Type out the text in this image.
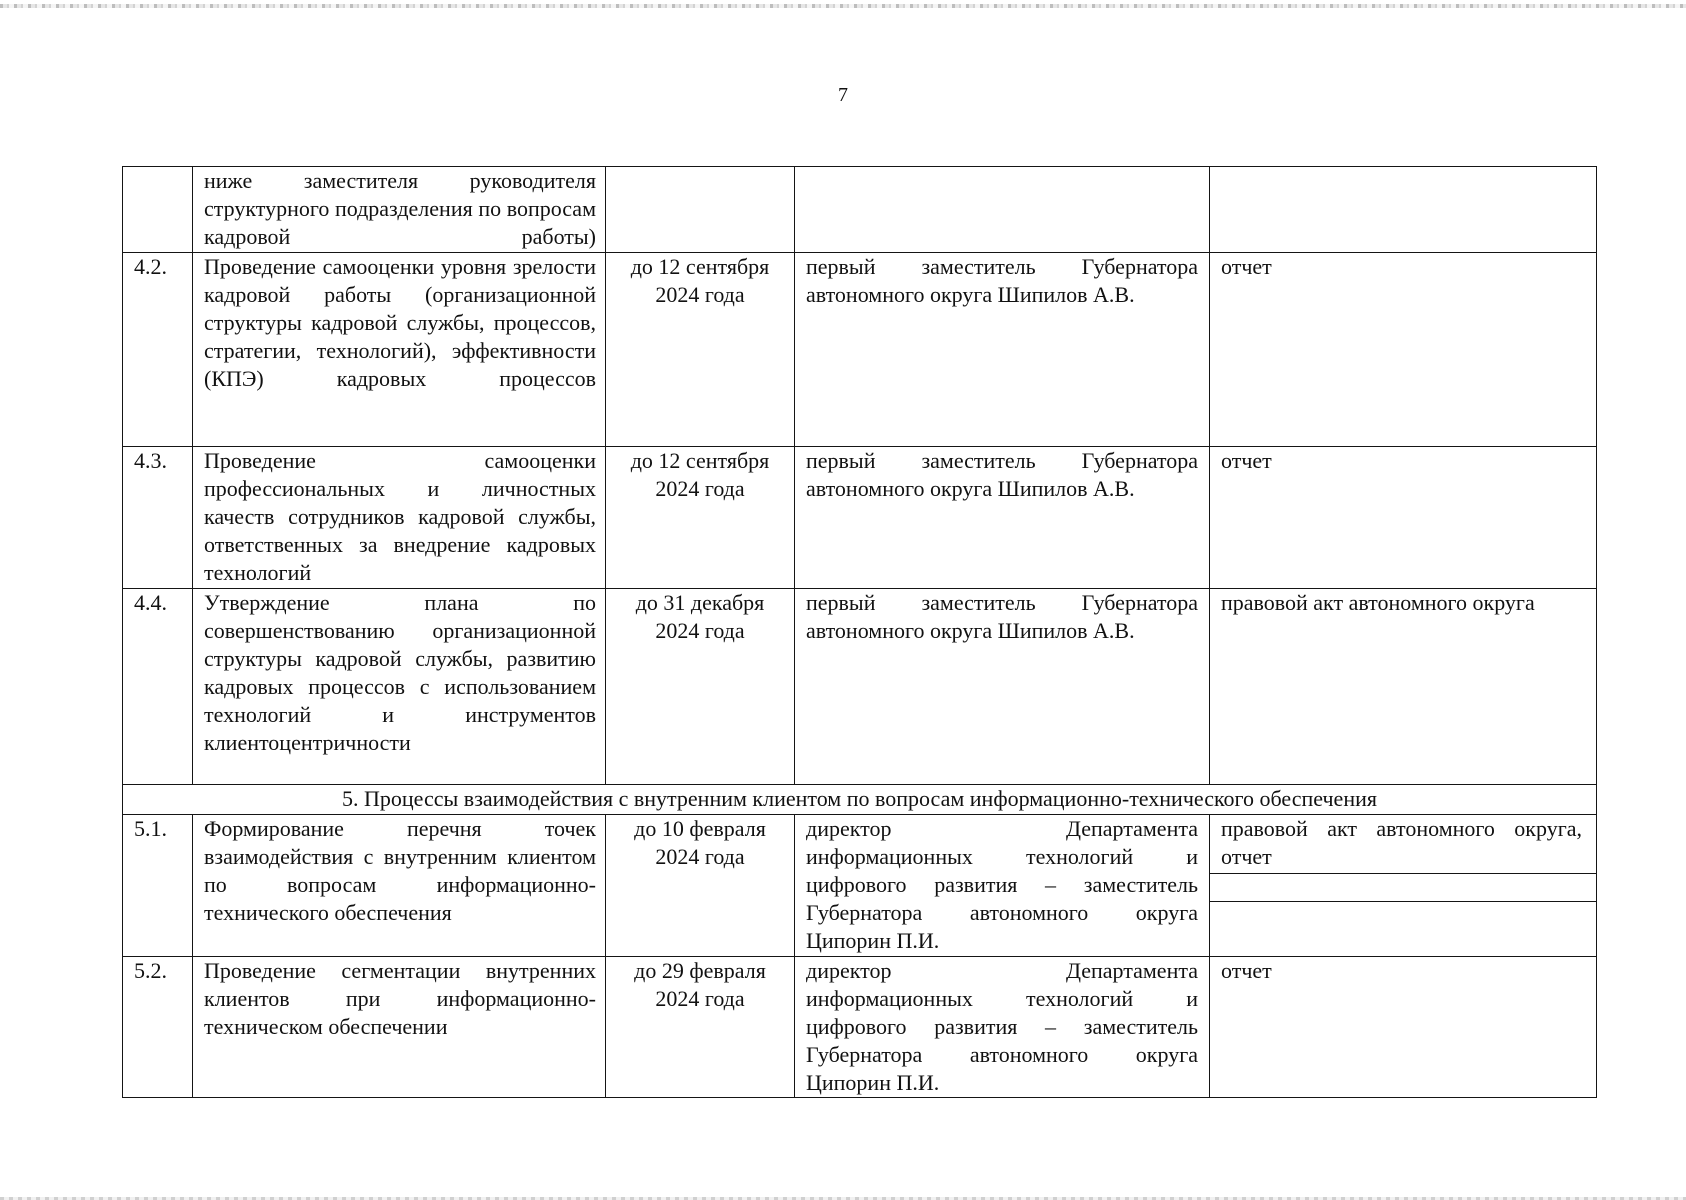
7
	ниже заместителя руководителя структурного подразделения по вопросам кадровой работы)			
4.2.	Проведение самооценки уровня зрелости кадровой работы (организационной структуры кадровой службы, процессов, стратегии, технологий), эффективности (КПЭ) кадровых процессов	до 12 сентября 2024 года	первый заместитель Губернатора автономного округа Шипилов А.В.	отчет
4.3.	Проведение самооценки профессиональных и личностных качеств сотрудников кадровой службы, ответственных за внедрение кадровых технологий	до 12 сентября 2024 года	первый заместитель Губернатора автономного округа Шипилов А.В.	отчет
4.4.	Утверждение плана по совершенствованию организационной структуры кадровой службы, развитию кадровых процессов с использованием технологий и инструментов клиентоцентричности	до 31 декабря 2024 года	первый заместитель Губернатора автономного округа Шипилов А.В.	правовой акт автономного округа
5. Процессы взаимодействия с внутренним клиентом по вопросам информационно-технического обеспечения				
5.1.	Формирование перечня точек взаимодействия с внутренним клиентом по вопросам информационно-технического обеспечения	до 10 февраля 2024 года	директор Департамента информационных технологий и цифрового развития – заместитель Губернатора автономного округа Ципорин П.И.	правовой акт автономного округа, отчет

5.2.	Проведение сегментации внутренних клиентов при информационно-техническом обеспечении	до 29 февраля 2024 года	директор Департамента информационных технологий и цифрового развития – заместитель Губернатора автономного округа Ципорин П.И.	отчет
